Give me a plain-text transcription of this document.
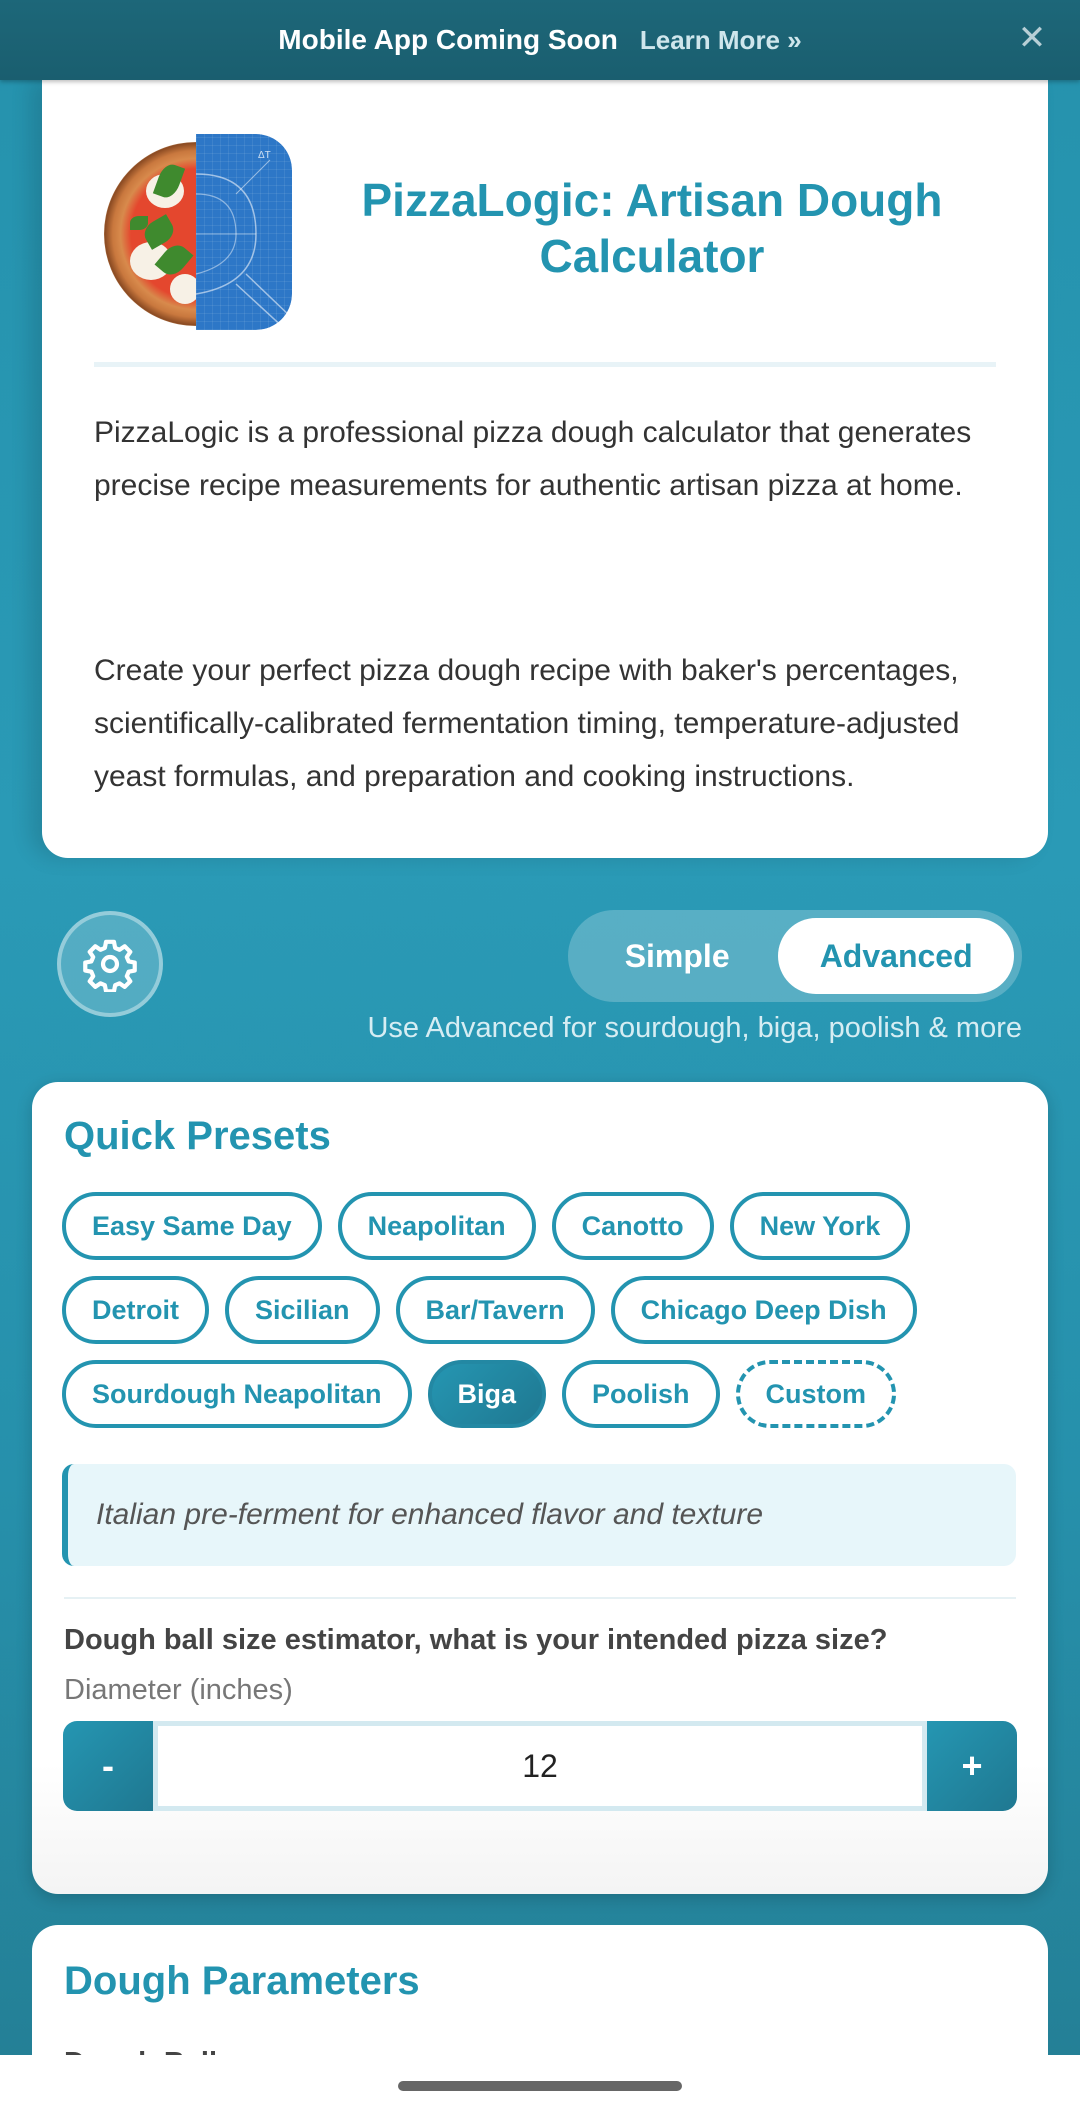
Mobile App Coming Soon Learn More »	✕
ΔT
PizzaLogic: Artisan Dough Calculator

PizzaLogic is a professional pizza dough calculator that generates precise recipe measurements for authentic artisan pizza at home.

Create your perfect pizza dough recipe with baker's percentages, scientifically-calibrated fermentation timing, temperature-adjusted yeast formulas, and preparation and cooking instructions.

Simple	Advanced
Use Advanced for sourdough, biga, poolish & more
Quick Presets
Easy Same Day	Neapolitan	Canotto	New York
Detroit	Sicilian	Bar/Tavern	Chicago Deep Dish
Sourdough Neapolitan	Biga	Poolish	Custom
Italian pre-ferment for enhanced flavor and texture
Dough ball size estimator, what is your intended pizza size?
Diameter (inches)
-
12	+
Dough Parameters
